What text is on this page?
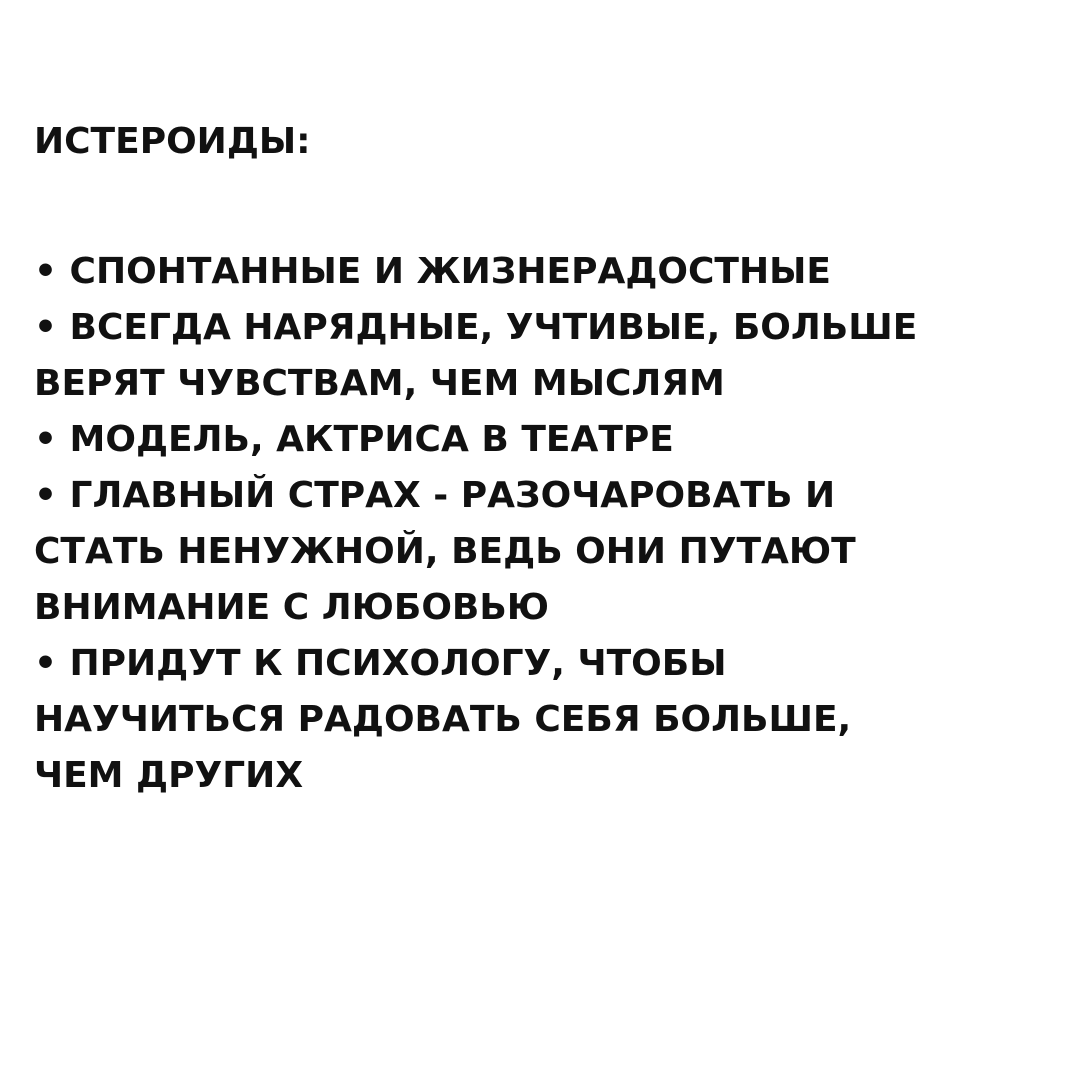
ИСТЕРОИДЫ:
• СПОНТАННЫЕ И ЖИЗНЕРАДОСТНЫЕ
• ВСЕГДА НАРЯДНЫЕ, УЧТИВЫЕ, БОЛЬШЕ
ВЕРЯТ ЧУВСТВАМ, ЧЕМ МЫСЛЯМ
• МОДЕЛЬ, АКТРИСА В ТЕАТРЕ
• ГЛАВНЫЙ СТРАХ - РАЗОЧАРОВАТЬ И
СТАТЬ НЕНУЖНОЙ, ВЕДЬ ОНИ ПУТАЮТ
ВНИМАНИЕ С ЛЮБОВЬЮ
• ПРИДУТ К ПСИХОЛОГУ, ЧТОБЫ
НАУЧИТЬСЯ РАДОВАТЬ СЕБЯ БОЛЬШЕ,
ЧЕМ ДРУГИХ
